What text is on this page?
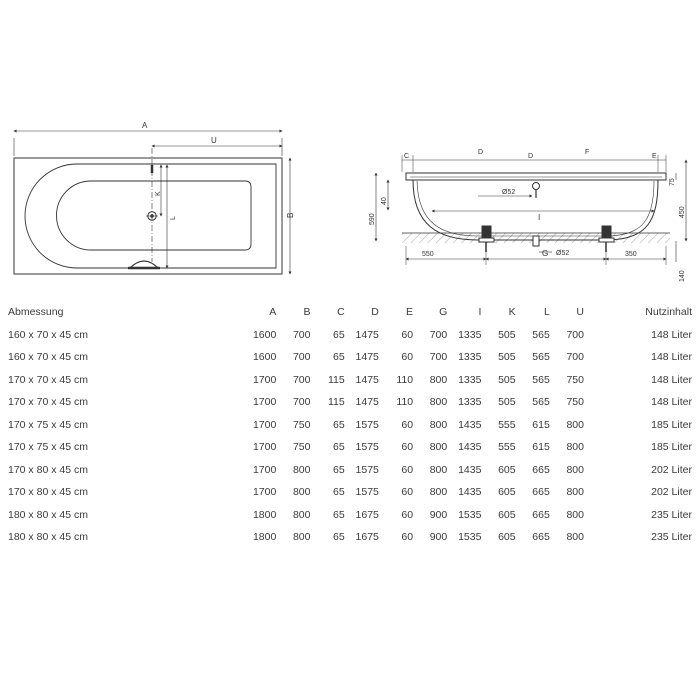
A
U
B
K
L
C
D
D
F
E
I
G
Ø52
Ø52
40
590
75
450
140
550	350
Abmessung	A	B	C	D	E	G	I	K	L	U	Nutzinhalt
160 x 70 x 45 cm	1600	700	65	1475	60	700	1335	505	565	700	148 Liter
160 x 70 x 45 cm	1600	700	65	1475	60	700	1335	505	565	700	148 Liter
170 x 70 x 45 cm	1700	700	115	1475	110	800	1335	505	565	750	148 Liter
170 x 70 x 45 cm	1700	700	115	1475	110	800	1335	505	565	750	148 Liter
170 x 75 x 45 cm	1700	750	65	1575	60	800	1435	555	615	800	185 Liter
170 x 75 x 45 cm	1700	750	65	1575	60	800	1435	555	615	800	185 Liter
170 x 80 x 45 cm	1700	800	65	1575	60	800	1435	605	665	800	202 Liter
170 x 80 x 45 cm	1700	800	65	1575	60	800	1435	605	665	800	202 Liter
180 x 80 x 45 cm	1800	800	65	1675	60	900	1535	605	665	800	235 Liter
180 x 80 x 45 cm	1800	800	65	1675	60	900	1535	605	665	800	235 Liter
